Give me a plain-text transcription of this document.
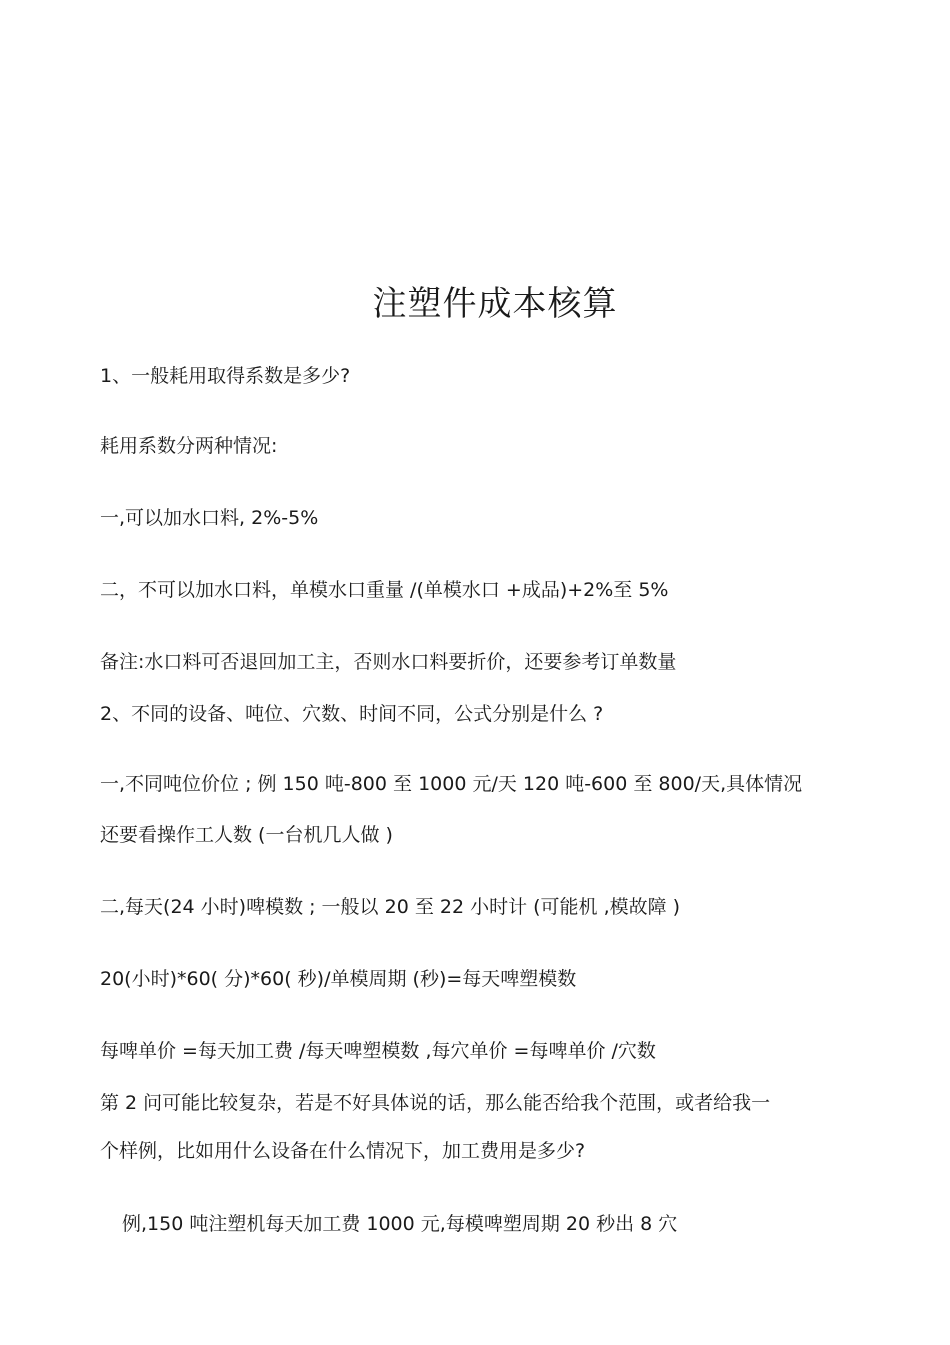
注塑件成本核算

1、一般耗用取得系数是多少?

耗用系数分两种情况:

一,可以加水口料, 2%-5%

二，不可以加水口料，单模水口重量 /(单模水口 +成品)+2%至 5%

备注:水口料可否退回加工主，否则水口料要折价，还要参考订单数量

2、不同的设备、吨位、穴数、时间不同，公式分别是什么 ?

一,不同吨位价位 ; 例 150 吨-800 至 1000 元/天 120 吨-600 至 800/天,具体情况

还要看操作工人数 (一台机几人做 )

二,每天(24 小时)啤模数 ; 一般以 20 至 22 小时计 (可能机 ,模故障 )

20(小时)*60( 分)*60( 秒)/单模周期 (秒)=每天啤塑模数

每啤单价 =每天加工费 /每天啤塑模数 ,每穴单价 =每啤单价 /穴数

第 2 问可能比较复杂，若是不好具体说的话，那么能否给我个范围，或者给我一

个样例，比如用什么设备在什么情况下，加工费用是多少?

例,150 吨注塑机每天加工费 1000 元,每模啤塑周期 20 秒出 8 穴
